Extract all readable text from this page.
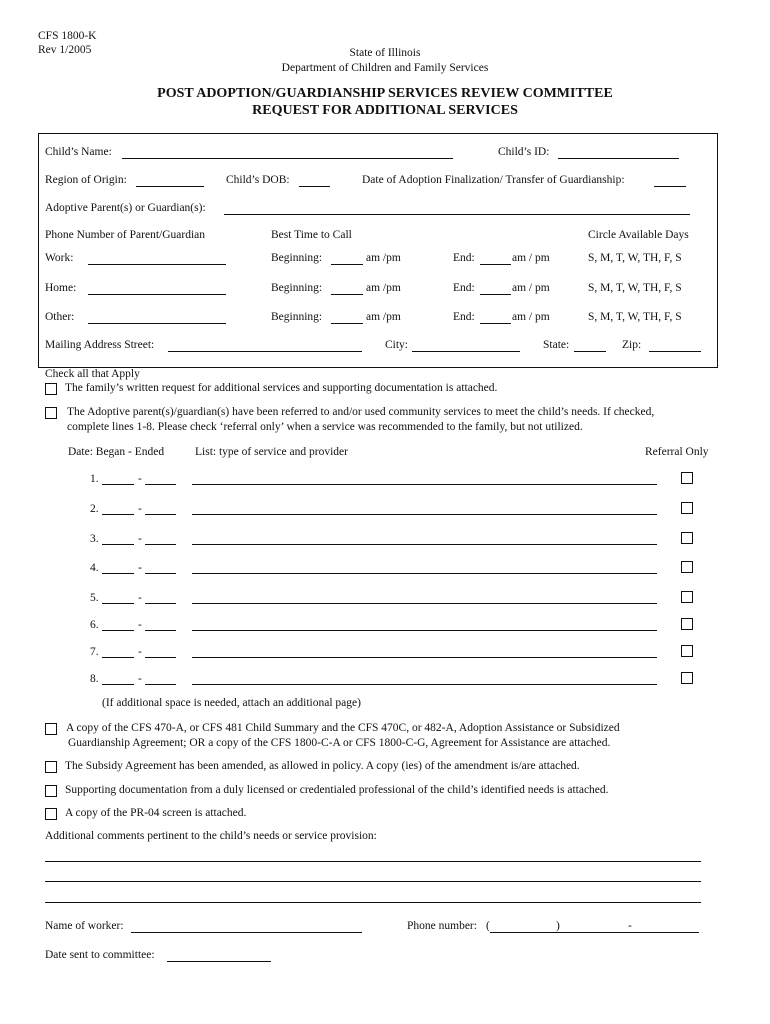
CFS 1800-K
Rev 1/2005	State of Illinois
Department of Children and Family Services
POST ADOPTION/GUARDIANSHIP SERVICES REVIEW COMMITTEE
REQUEST FOR ADDITIONAL SERVICES
Child’s Name:	Child’s ID:
Region of Origin:	Child’s DOB:	Date of Adoption Finalization/ Transfer of Guardianship:
Adoptive Parent(s) or Guardian(s):
Phone Number of Parent/Guardian	Best Time to Call	Circle Available Days
Work:	Beginning:	am /pm	End:	am / pm	S, M, T, W, TH, F, S
Home:	Beginning:	am /pm	End:	am / pm	S, M, T, W, TH, F, S
Other:	Beginning:	am /pm	End:	am / pm	S, M, T, W, TH, F, S
Mailing Address Street:	City:	State:	Zip:
Check all that Apply
The family’s written request for additional services and supporting documentation is attached.
The Adoptive parent(s)/guardian(s) have been referred to and/or used community services to meet the child’s needs. If checked,
complete lines 1-8. Please check ‘referral only’ when a service was recommended to the family, but not utilized.
Date: Began - Ended	List: type of service and provider	Referral Only
1.	-
2.	-
3.	-
4.	-
5.	-
6.	-
7.	-
8.	-
(If additional space is needed, attach an additional page)
A copy of the CFS 470-A, or CFS 481 Child Summary and the CFS 470C, or 482-A, Adoption Assistance or Subsidized
Guardianship Agreement; OR a copy of the CFS 1800-C-A or CFS 1800-C-G, Agreement for Assistance are attached.
The Subsidy Agreement has been amended, as allowed in policy. A copy (ies) of the amendment is/are attached.
Supporting documentation from a duly licensed or credentialed professional of the child’s identified needs is attached.
A copy of the PR-04 screen is attached.
Additional comments pertinent to the child’s needs or service provision:
Name of worker:	Phone number: (	)	-
Date sent to committee:
